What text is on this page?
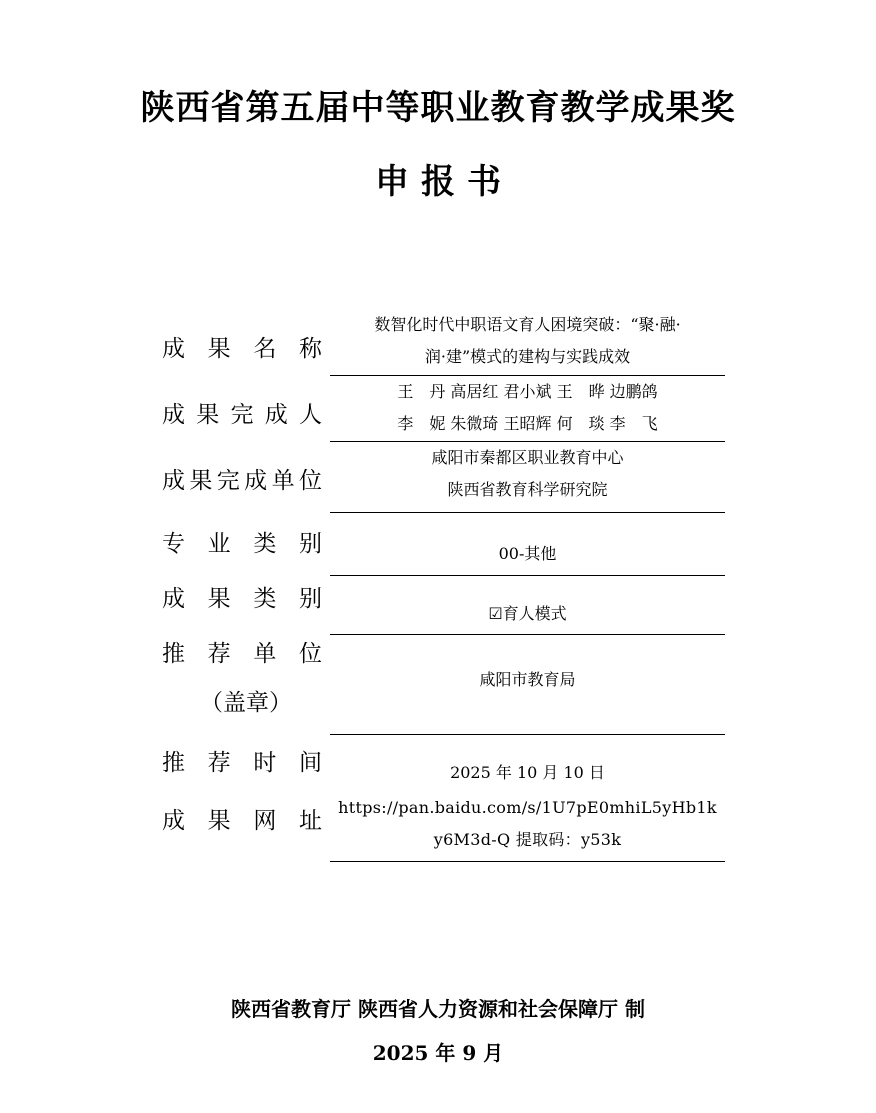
陕西省第五届中等职业教育教学成果奖
申报书
成 果 名 称
数智化时代中职语文育人困境突破：“聚·融·
润·建”模式的建构与实践成效
成 果 完 成 人
王　丹 高居红 君小斌 王　晔 边鹏鸽
李　妮 朱微琦 王昭辉 何　琰 李　飞
成 果 完 成 单 位
咸阳市秦都区职业教育中心
陕西省教育科学研究院
专 业 类 别	00-其他
成 果 类 别
☑育人模式
推 荐 单 位
（盖章）
咸阳市教育局
推 荐 时 间	2025 年 10 月 10 日
成 果 网 址
https://pan.baidu.com/s/1U7pE0mhiL5yHb1k
y6M3d-Q 提取码：y53k
陕西省教育厅 陕西省人力资源和社会保障厅 制
2025 年 9 月
